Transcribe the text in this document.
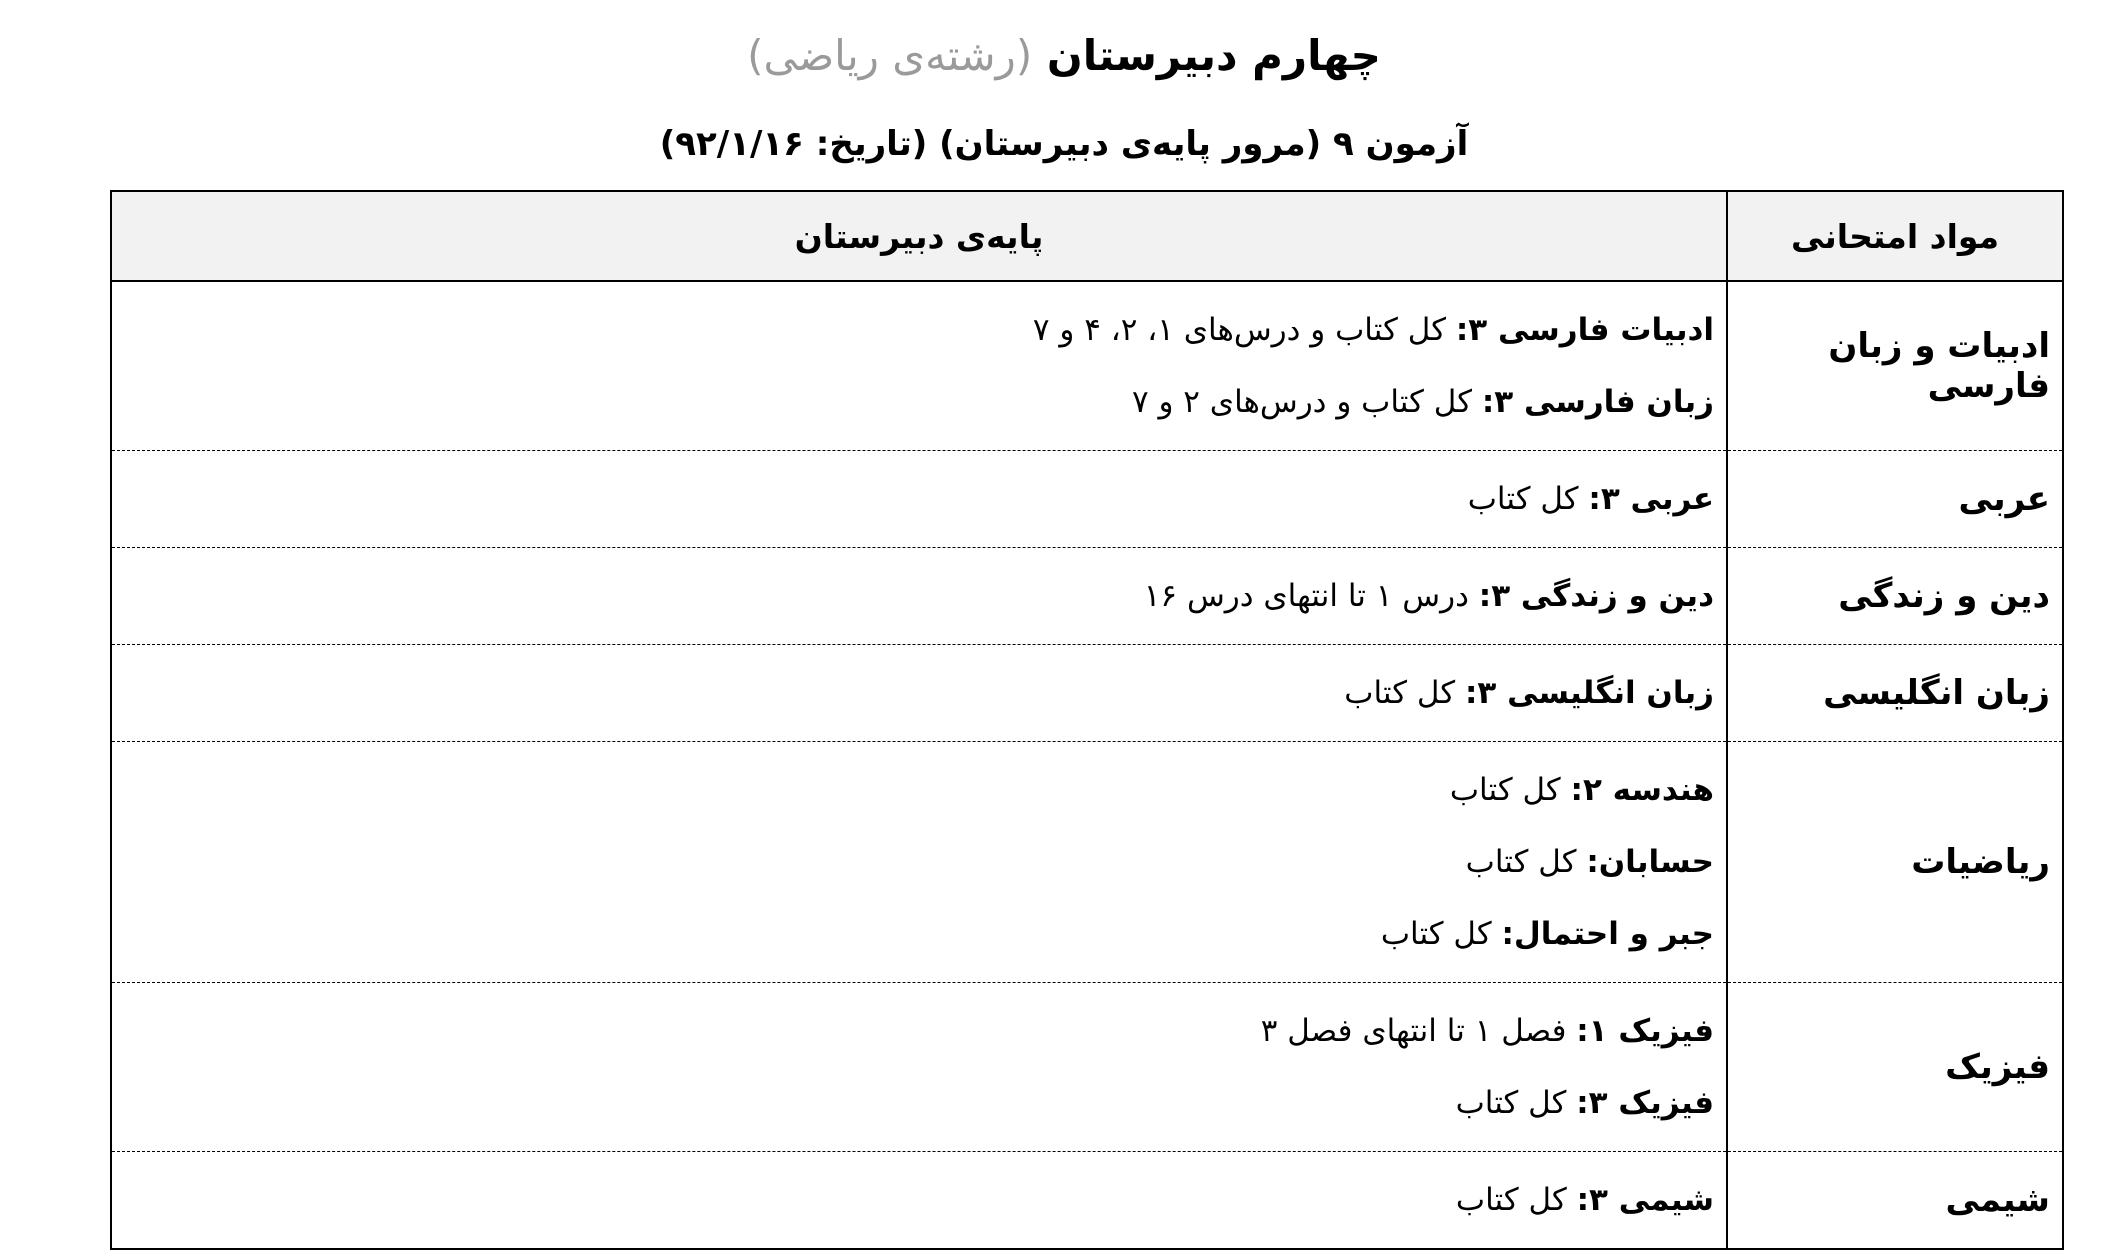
چهارم دبیرستان (رشته‌ی ریاضی)
آزمون ۹ (مرور پایه‌ی دبیرستان) (تاریخ: ۹۲/۱/۱۶)
مواد امتحانی	پایه‌ی دبیرستان
ادبیات و زبان فارسی	ادبیات فارسی ۳: کل کتاب و درس‌های ۱، ۲، ۴ و ۷
زبان فارسی ۳: کل کتاب و درس‌های ۲ و ۷

عربی	عربی ۳: کل کتاب

دین و زندگی	دین و زندگی ۳: درس ۱ تا انتهای درس ۱۶

زبان انگلیسی	زبان انگلیسی ۳: کل کتاب

ریاضیات	هندسه ۲: کل کتاب
حسابان: کل کتاب
جبر و احتمال: کل کتاب

فیزیک	فیزیک ۱: فصل ۱ تا انتهای فصل ۳
فیزیک ۳: کل کتاب

شیمی	شیمی ۳: کل کتاب
